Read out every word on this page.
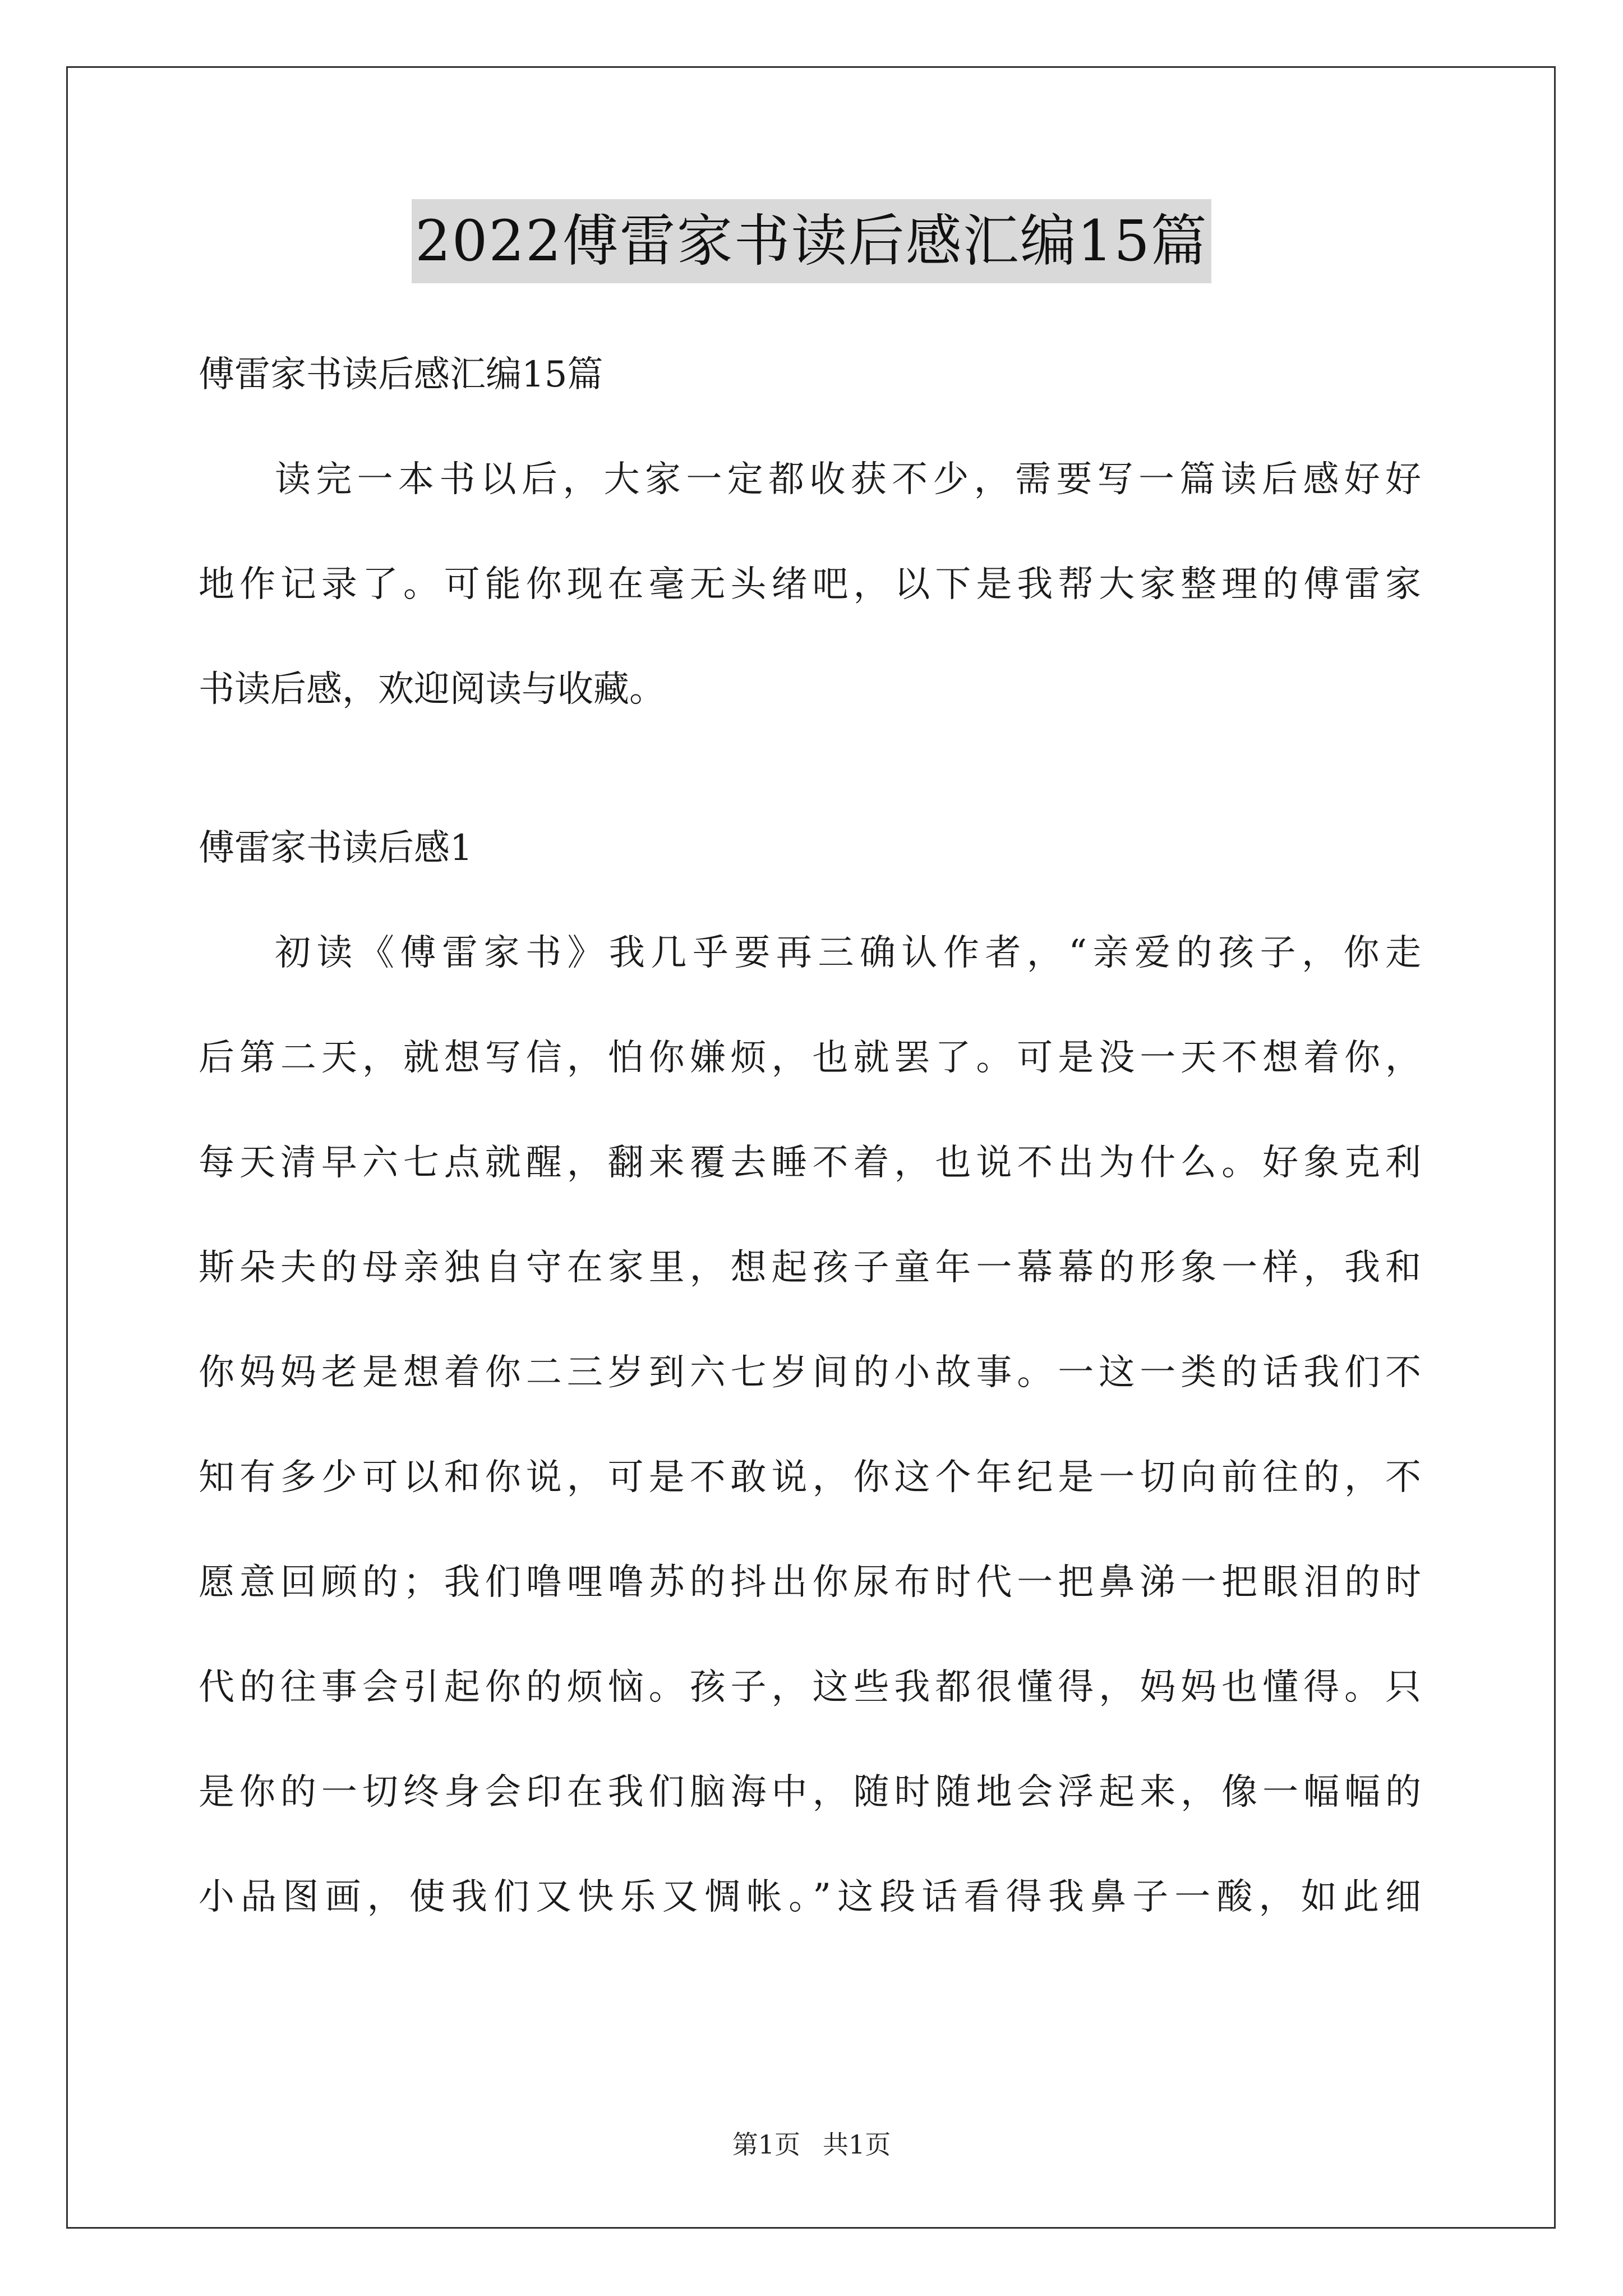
2022傅雷家书读后感汇编15篇

傅雷家书读后感汇编15篇

读完一本书以后，大家一定都收获不少，需要写一篇读后感好好
地作记录了。可能你现在毫无头绪吧，以下是我帮大家整理的傅雷家
书读后感，欢迎阅读与收藏。

傅雷家书读后感1

初读《傅雷家书》我几乎要再三确认作者，“亲爱的孩子，你走
后第二天，就想写信，怕你嫌烦，也就罢了。可是没一天不想着你，
每天清早六七点就醒，翻来覆去睡不着，也说不出为什么。好象克利
斯朵夫的母亲独自守在家里，想起孩子童年一幕幕的形象一样，我和
你妈妈老是想着你二三岁到六七岁间的小故事。一这一类的话我们不
知有多少可以和你说，可是不敢说，你这个年纪是一切向前往的，不
愿意回顾的；我们噜哩噜苏的抖出你尿布时代一把鼻涕一把眼泪的时
代的往事会引起你的烦恼。孩子，这些我都很懂得，妈妈也懂得。只
是你的一切终身会印在我们脑海中，随时随地会浮起来，像一幅幅的
小品图画，使我们又快乐又惆帐。”这段话看得我鼻子一酸，如此细
第1页 共1页
